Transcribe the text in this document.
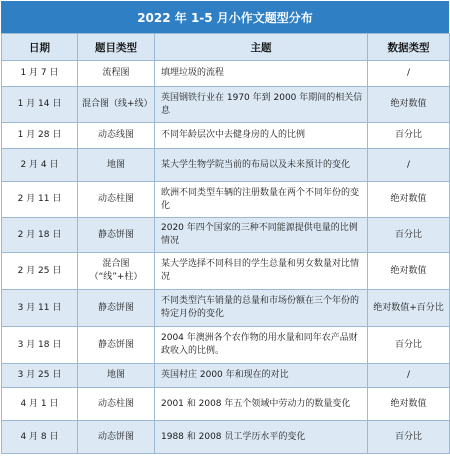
2022 年 1-5 月小作文题型分布
日期	题目类型	主题	数据类型
1 月 7 日	流程图	填埋垃圾的流程	/
1 月 14 日	混合图（线+线）	英国钢铁行业在 1970 年到 2000 年期间的相关信息	绝对数值
1 月 28 日	动态线图	不同年龄层次中去健身房的人的比例	百分比
2 月 4 日	地图	某大学生物学院当前的布局以及未来预计的变化	/
2 月 11 日	动态柱图	欧洲不同类型车辆的注册数量在两个不同年份的变化	绝对数值
2 月 18 日	静态饼图	2020 年四个国家的三种不同能源提供电量的比例情况	百分比
2 月 25 日	混合图（“线”+柱）	某大学选择不同科目的学生总量和男女数量对比情况	绝对数值
3 月 11 日	静态饼图	不同类型汽车销量的总量和市场份额在三个年份的特定月份的变化	绝对数值+百分比
3 月 18 日	静态饼图	2004 年澳洲各个农作物的用水量和同年农产品财政收入的比例。	百分比
3 月 25 日	地图	英国村庄 2000 年和现在的对比	/
4 月 1 日	动态柱图	2001 和 2008 年五个领域中劳动力的数量变化	绝对数值
4 月 8 日	动态饼图	1988 和 2008 员工学历水平的变化	百分比
